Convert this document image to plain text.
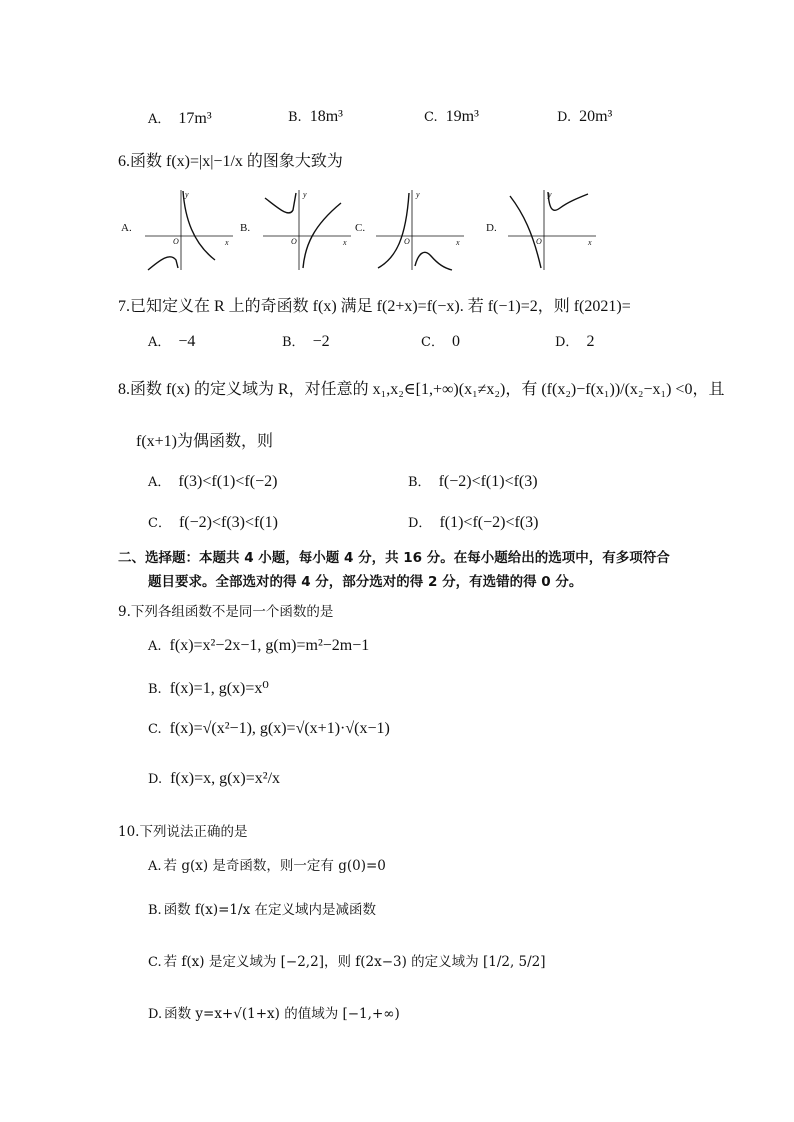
A． 17m³	B. 18m³	C. 19m³	D. 20m³
6.函数 f(x)=|x|−1/x 的图象大致为
A.
y
x
O
B.
y
x
O
C.
y
x
O
D.
y
x
O
7.已知定义在 R 上的奇函数 f(x) 满足 f(2+x)=f(−x). 若 f(−1)=2，则 f(2021)=
A． −4	B． −2	C． 0	D． 2
8.函数 f(x) 的定义域为 R，对任意的 x₁,x₂∈[1,+∞)(x₁≠x₂)，有 (f(x₂)−f(x₁))/(x₂−x₁) <0，且
f(x+1)为偶函数，则
A． f(3)<f(1)<f(−2)	B． f(−2)<f(1)<f(3)
C． f(−2)<f(3)<f(1)	D． f(1)<f(−2)<f(3)
二、选择题：本题共 4 小题，每小题 4 分，共 16 分。在每小题给出的选项中，有多项符合
题目要求。全部选对的得 4 分，部分选对的得 2 分，有选错的得 0 分。
9.下列各组函数不是同一个函数的是
A. f(x)=x²−2x−1, g(m)=m²−2m−1
B. f(x)=1, g(x)=x⁰
C. f(x)=√(x²−1), g(x)=√(x+1)·√(x−1)
D. f(x)=x, g(x)=x²/x
10.下列说法正确的是
A. 若 g(x) 是奇函数，则一定有 g(0)=0
B. 函数 f(x)=1/x 在定义域内是减函数
C. 若 f(x) 是定义域为 [−2,2]，则 f(2x−3) 的定义域为 [1/2, 5/2]
D. 函数 y=x+√(1+x) 的值域为 [−1,+∞)
